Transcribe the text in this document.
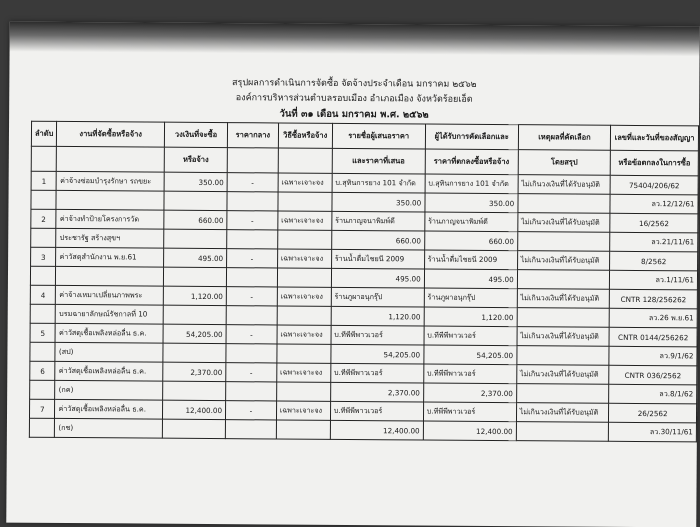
สรุปผลการดำเนินการจัดซื้อ จัดจ้างประจำเดือน มกราคม ๒๕๖๒
องค์การบริหารส่วนตำบลรอบเมือง อำเภอเมือง จังหวัดร้อยเอ็ด
วันที่ ๓๑ เดือน มกราคม พ.ศ. ๒๕๖๒
ลำดับ	งานที่จัดซื้อหรือจ้าง	วงเงินที่จะซื้อ	ราคากลาง	วิธีซื้อหรือจ้าง	รายชื่อผู้เสนอราคา	ผู้ได้รับการคัดเลือกและ	เหตุผลที่คัดเลือก	เลขที่และวันที่ของสัญญา
		หรือจ้าง			และราคาที่เสนอ	ราคาที่ตกลงซื้อหรือจ้าง	โดยสรุป	หรือข้อตกลงในการซื้อ
1	ค่าจ้างซ่อมบำรุงรักษา รถขยะ	350.00	-	เฉพาะเจาะจง	บ.สุทินการยาง 101 จำกัด	บ.สุทินการยาง 101 จำกัด	ไม่เกินวงเงินที่ได้รับอนุมัติ	75404/206/62
					350.00	350.00		ลว.12/12/61
2	ค่าจ้างทำป้ายโครงการวัด	660.00	-	เฉพาะเจาะจง	ร้านภาญจนาพิมพ์ดี	ร้านภาญจนาพิมพ์ดี	ไม่เกินวงเงินที่ได้รับอนุมัติ	16/2562
	ประชารัฐ สร้างสุขฯ				660.00	660.00		ลว.21/11/61
3	ค่าวัสดุสำนักงาน พ.ย.61	495.00	-	เฉพาะเจาะจง	ร้านน้ำดื่มไชยนี 2009	ร้านน้ำดื่มไชยนี 2009	ไม่เกินวงเงินที่ได้รับอนุมัติ	8/2562
					495.00	495.00		ลว.1/11/61
4	ค่าจ้างเหมาเปลี่ยนภาพพระ	1,120.00	-	เฉพาะเจาะจง	ร้านภูผาอนุกรุ๊ป	ร้านภูผาอนุกรุ๊ป	ไม่เกินวงเงินที่ได้รับอนุมัติ	CNTR 128/256262
	บรมฉายาลักษณ์รัชกาลที่ 10				1,120.00	1,120.00		ลว.26 พ.ย.61
5	ค่าวัสดุเชื้อเพลิงหล่อลื่น ธ.ค.	54,205.00	-	เฉพาะเจาะจง	บ.ทีพีพีพาวเวอร์	บ.ทีพีพีพาวเวอร์	ไม่เกินวงเงินที่ได้รับอนุมัติ	CNTR 0144/256262
	(สป)				54,205.00	54,205.00		ลว.9/1/62
6	ค่าวัสดุเชื้อเพลิงหล่อลื่น ธ.ค.	2,370.00	-	เฉพาะเจาะจง	บ.ทีพีพีพาวเวอร์	บ.ทีพีพีพาวเวอร์	ไม่เกินวงเงินที่ได้รับอนุมัติ	CNTR 036/2562
	(กค)				2,370.00	2,370.00		ลว.8/1/62
7	ค่าวัสดุเชื้อเพลิงหล่อลื่น ธ.ค.	12,400.00	-	เฉพาะเจาะจง	บ.ทีพีพีพาวเวอร์	บ.ทีพีพีพาวเวอร์	ไม่เกินวงเงินที่ได้รับอนุมัติ	26/2562
	(กช)				12,400.00	12,400.00		ลว.30/11/61
